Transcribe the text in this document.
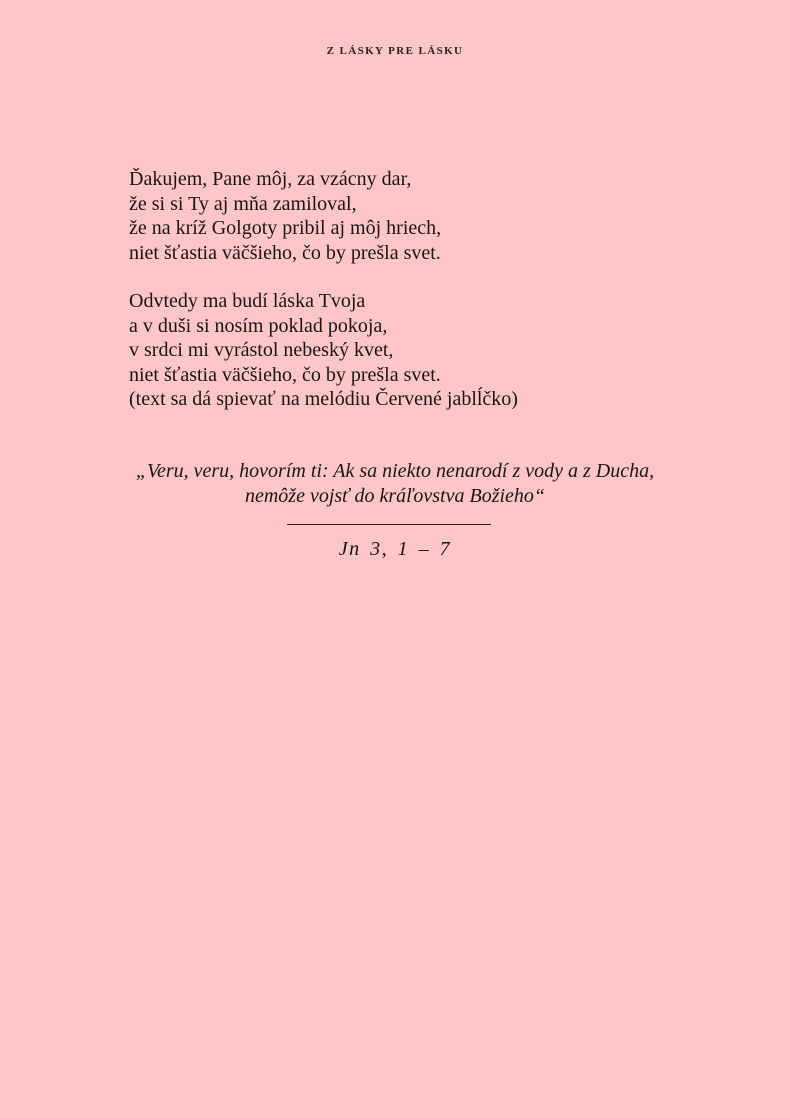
Z LÁSKY PRE LÁSKU
Ďakujem, Pane môj, za vzácny dar,
že si si Ty aj mňa zamiloval,
že na kríž Golgoty pribil aj môj hriech,
niet šťastia väčšieho, čo by prešla svet.
Odvtedy ma budí láska Tvoja
a v duši si nosím poklad pokoja,
v srdci mi vyrástol nebeský kvet,
niet šťastia väčšieho, čo by prešla svet.
(text sa dá spievať na melódiu Červené jablĺčko)
„Veru, veru, hovorím ti: Ak sa niekto nenarodí z vody a z Ducha,
nemôže vojsť do kráľovstva Božieho“
Jn 3, 1 – 7
